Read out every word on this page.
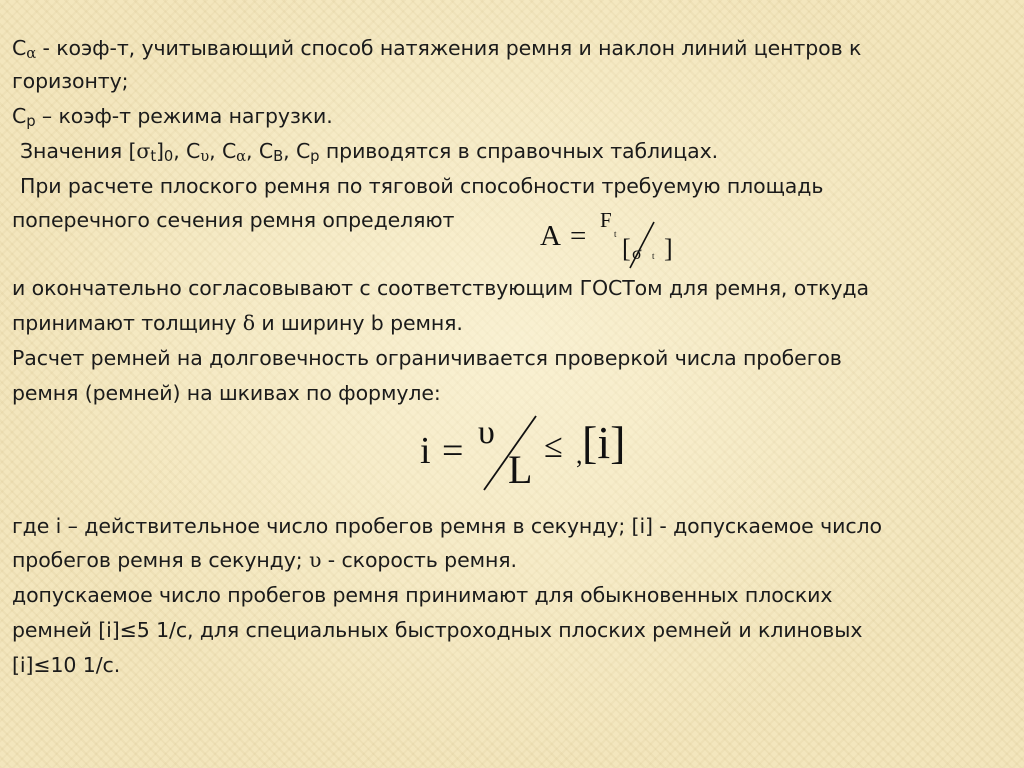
$C_\alpha$ - коэф-т, учитывающий способ натяжения ремня и наклон линий центров к
горизонту;
$C_p$ – коэф-т режима нагрузки.
Значения $[\sigma_t]_0$, $C_\upsilon$, $C_\alpha$, $C_B$, $C_p$ приводятся в справочных таблицах.
При расчете плоского ремня по тяговой способности требуемую площадь
поперечного сечения ремня определяют	A = F
t [ σ t ]
и окончательно согласовывают с соответствующим ГОСТом для ремня, откуда
принимают толщину δ и ширину b ремня.
Расчет ремней на долговечность ограничивается проверкой числа пробегов
ремня (ремней) на шкивах по формуле:
i = υ
L
≤ , [i]
где i – действительное число пробегов ремня в секунду; [i] - допускаемое число
пробегов ремня в секунду; υ - скорость ремня.
допускаемое число пробегов ремня принимают для обыкновенных плоских
ремней [i]≤5 1/с, для специальных быстроходных плоских ремней и клиновых
[i]≤10 1/с.
